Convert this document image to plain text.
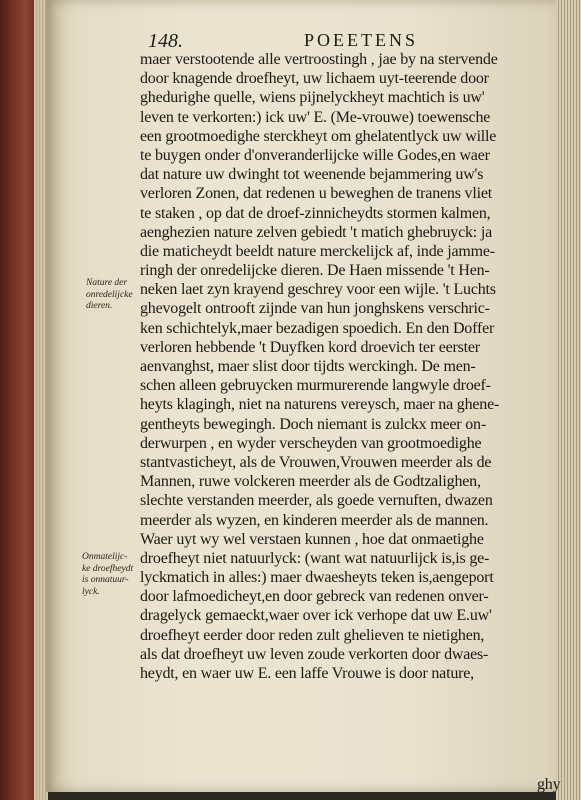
148.	POEETENS
Nature der
onredelijcke
dieren.
Onmatelijc-
ke droefheydt
is onnatuur-
lyck.
maer verstootende alle vertroostingh , jae by na stervende
door knagende droefheyt, uw lichaem uyt-teerende door
ghedurighe quelle, wiens pijnelyckheyt machtich is uw'
leven te verkorten:) ick uw' E. (Me-vrouwe) toewensche
een grootmoedighe sterckheyt om ghelatentlyck uw wille
te buygen onder d'onveranderlijcke wille Godes,en waer
dat nature uw dwinght tot weenende bejammering uw's
verloren Zonen, dat redenen u beweghen de tranens vliet
te staken , op dat de droef-zinnicheydts stormen kalmen,
aenghezien nature zelven gebiedt 't matich ghebruyck: ja
die maticheydt beeldt nature merckelijck af, inde jamme-
ringh der onredelijcke dieren. De Haen missende 't Hen-
neken laet zyn krayend geschrey voor een wijle. 't Luchts
ghevogelt ontrooft zijnde van hun jonghskens verschric-
ken schichtelyk,maer bezadigen spoedich. En den Doffer
verloren hebbende 't Duyfken kord droevich ter eerster
aenvanghst, maer slist door tijdts werckingh. De men-
schen alleen gebruycken murmurerende langwyle droef-
heyts klagingh, niet na naturens vereysch, maer na ghene-
gentheyts bewegingh. Doch niemant is zulckx meer on-
derwurpen , en wyder verscheyden van grootmoedighe
stantvasticheyt, als de Vrouwen,Vrouwen meerder als de
Mannen, ruwe volckeren meerder als de Godtzalighen,
slechte verstanden meerder, als goede vernuften, dwazen
meerder als wyzen, en kinderen meerder als de mannen.
Waer uyt wy wel verstaen kunnen , hoe dat onmaetighe
droefheyt niet natuurlyck: (want wat natuurlijck is,is ge-
lyckmatich in alles:) maer dwaesheyts teken is,aengeport
door lafmoedicheyt,en door gebreck van redenen onver-
dragelyck gemaeckt,waer over ick verhope dat uw E.uw'
droefheyt eerder door reden zult ghelieven te nietighen,
als dat droefheyt uw leven zoude verkorten door dwaes-
heydt, en waer uw E. een laffe Vrouwe is door nature,
ghy
